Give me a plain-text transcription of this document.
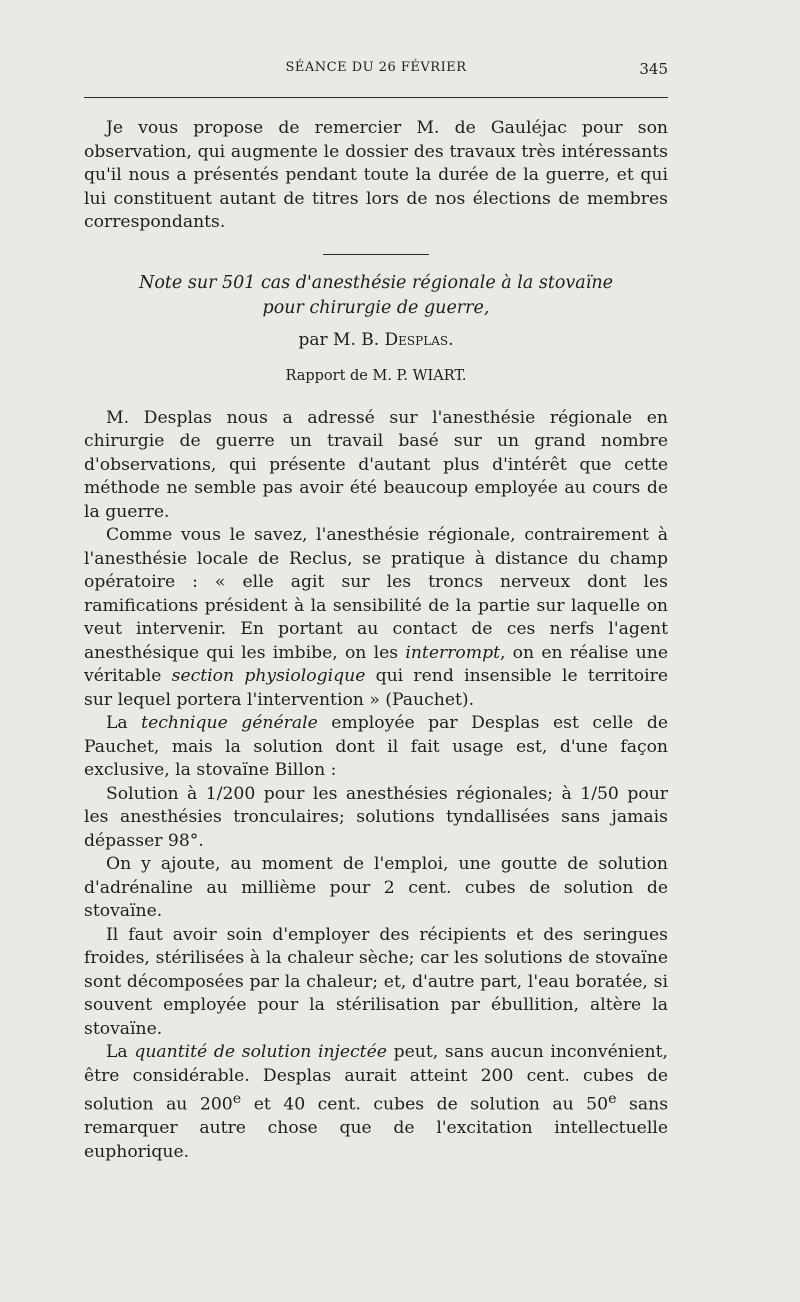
SÉANCE DU 26 FÉVRIER	345

Je vous propose de remercier M. de Gauléjac pour son observation, qui augmente le dossier des travaux très intéressants qu'il nous a présentés pendant toute la durée de la guerre, et qui lui constituent autant de titres lors de nos élections de membres correspondants.

Note sur 501 cas d'anesthésie régionale à la stovaïne
pour chirurgie de guerre,
par M. B. Desplas.
Rapport de M. P. WIART.

M. Desplas nous a adressé sur l'anesthésie régionale en chirurgie de guerre un travail basé sur un grand nombre d'observations, qui présente d'autant plus d'intérêt que cette méthode ne semble pas avoir été beaucoup employée au cours de la guerre.

Comme vous le savez, l'anesthésie régionale, contrairement à l'anesthésie locale de Reclus, se pratique à distance du champ opératoire : « elle agit sur les troncs nerveux dont les ramifications président à la sensibilité de la partie sur laquelle on veut intervenir. En portant au contact de ces nerfs l'agent anesthésique qui les imbibe, on les interrompt, on en réalise une véritable section physiologique qui rend insensible le territoire sur lequel portera l'intervention » (Pauchet).

La technique générale employée par Desplas est celle de Pauchet, mais la solution dont il fait usage est, d'une façon exclusive, la stovaïne Billon :

Solution à 1/200 pour les anesthésies régionales; à 1/50 pour les anesthésies tronculaires; solutions tyndallisées sans jamais dépasser 98°.

On y ajoute, au moment de l'emploi, une goutte de solution d'adrénaline au millième pour 2 cent. cubes de solution de stovaïne.

Il faut avoir soin d'employer des récipients et des seringues froides, stérilisées à la chaleur sèche; car les solutions de stovaïne sont décomposées par la chaleur; et, d'autre part, l'eau boratée, si souvent employée pour la stérilisation par ébullition, altère la stovaïne.

La quantité de solution injectée peut, sans aucun inconvénient, être considérable. Desplas aurait atteint 200 cent. cubes de solution au 200e et 40 cent. cubes de solution au 50e sans remarquer autre chose que de l'excitation intellectuelle euphorique.
